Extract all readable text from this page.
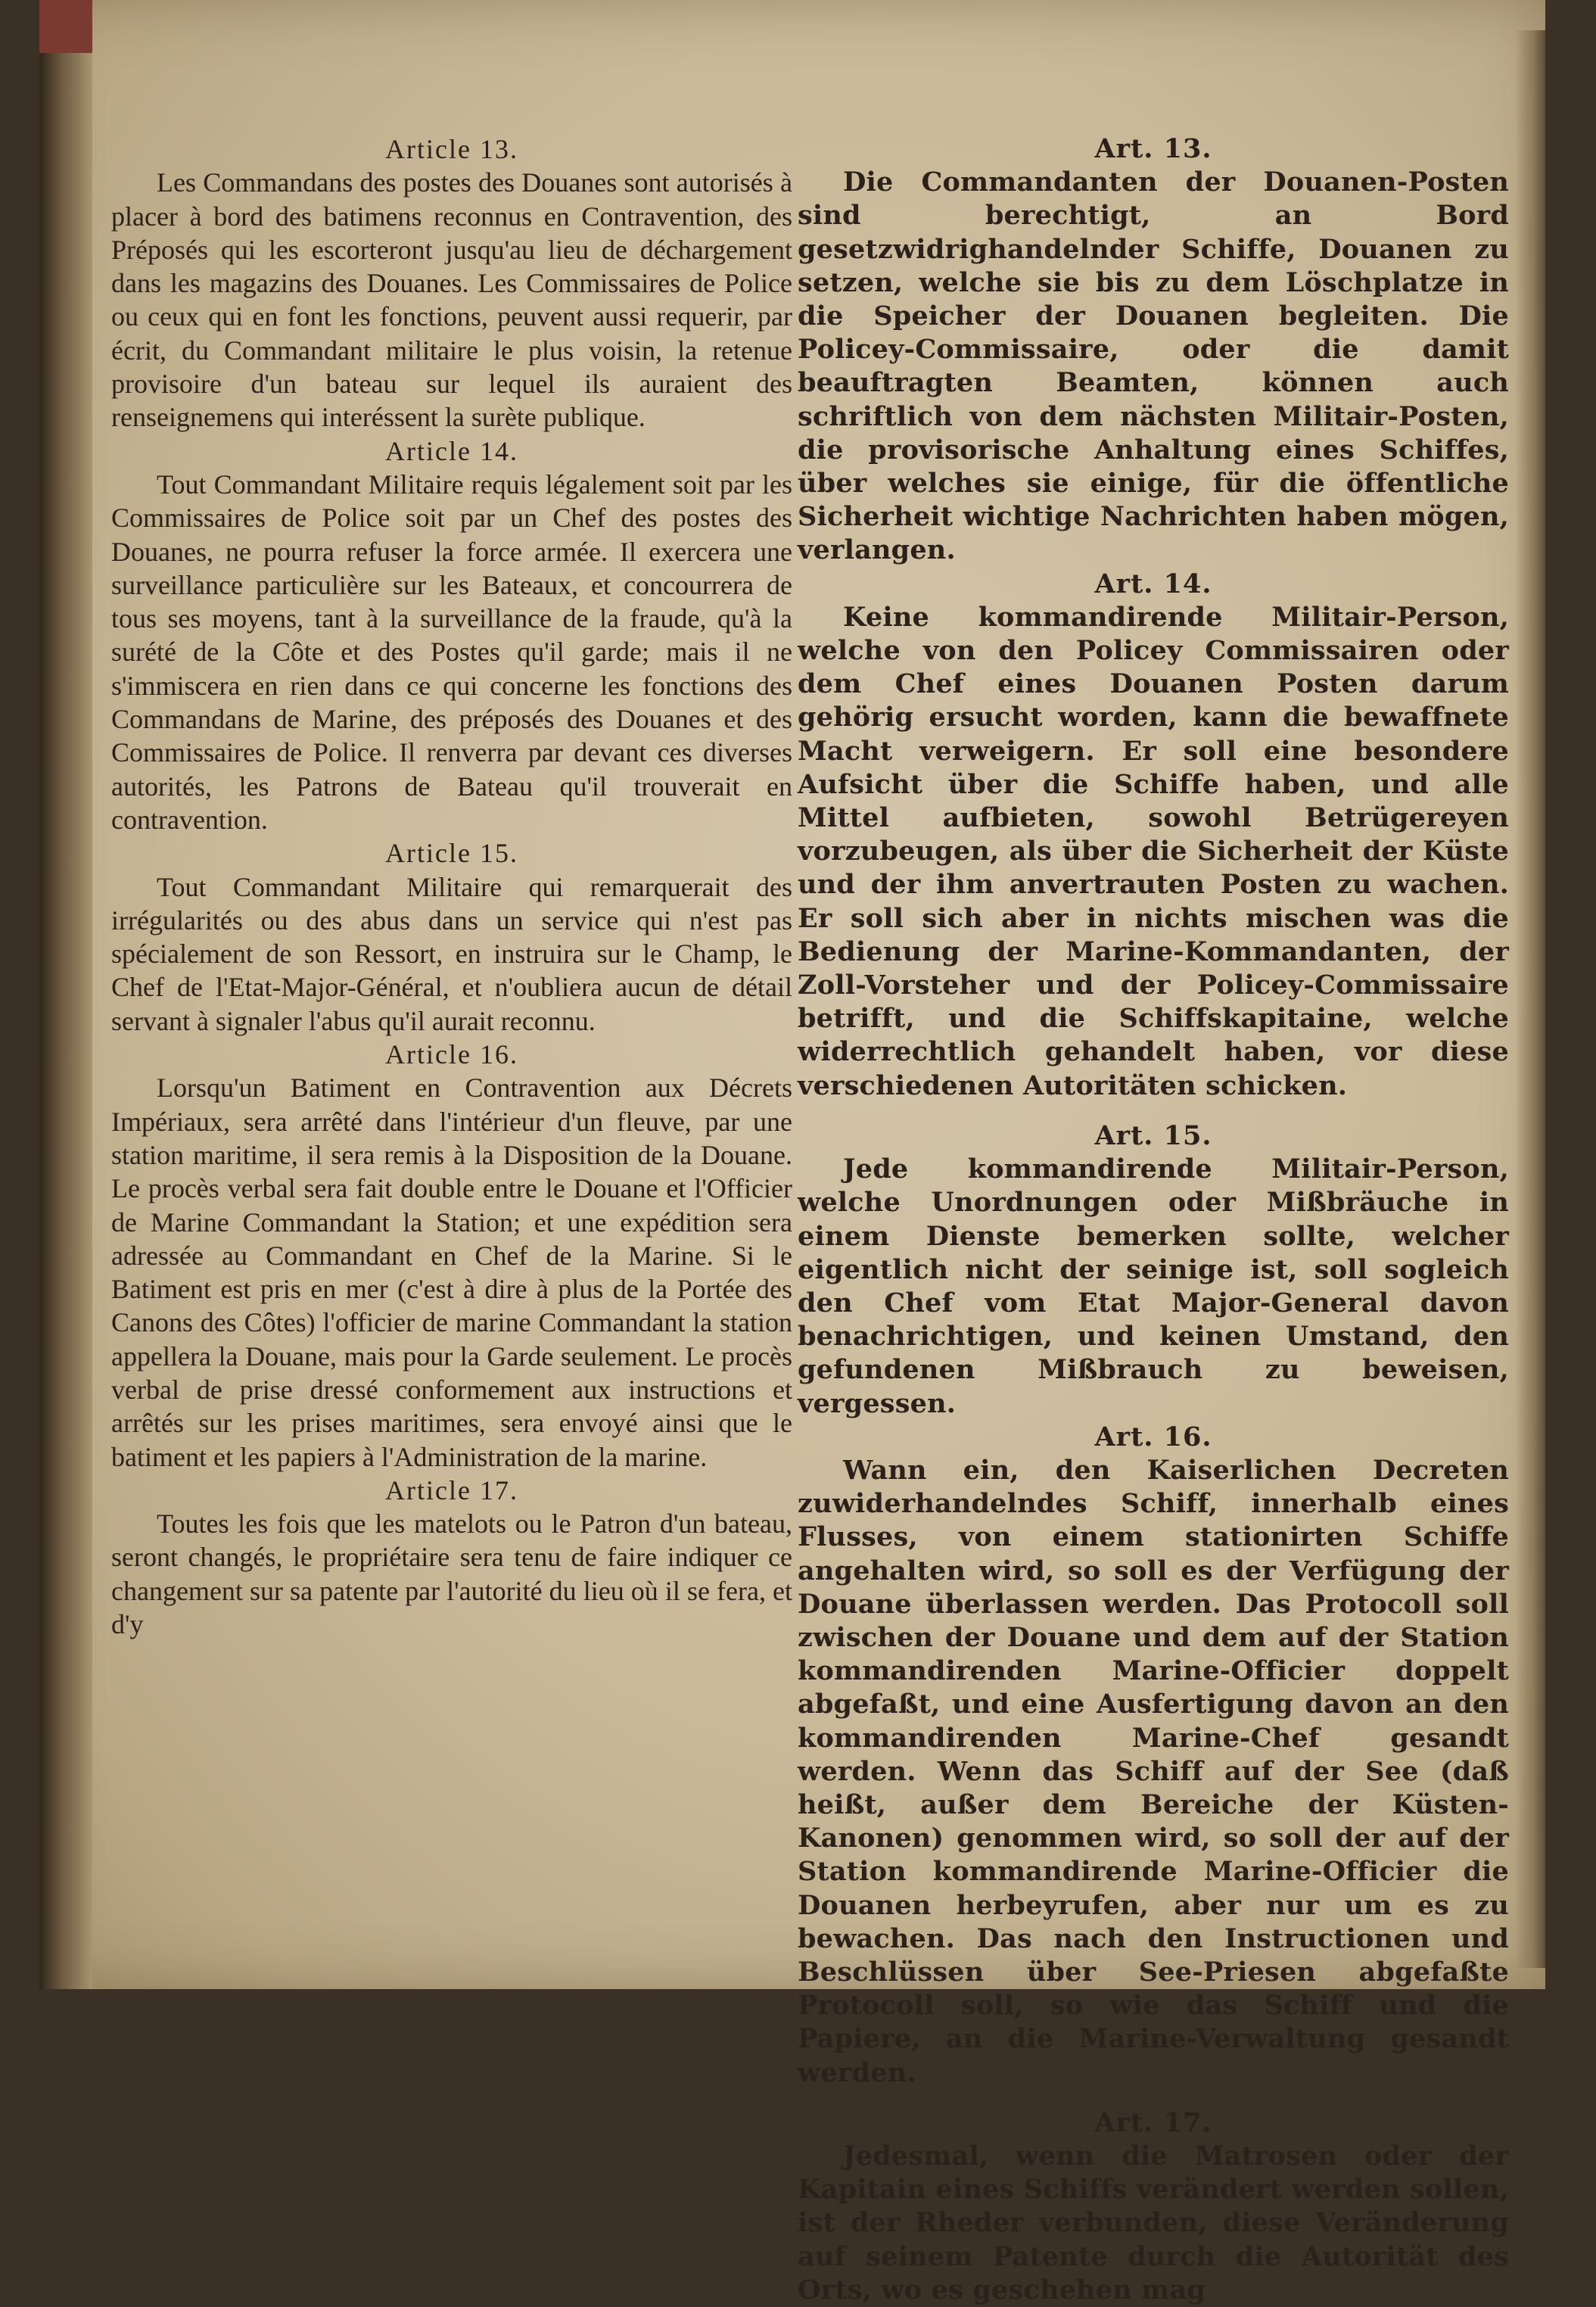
Article 13.

Les Commandans des postes des Douanes sont autorisés à placer à bord des batimens reconnus en Contravention, des Préposés qui les escorteront jusqu'au lieu de déchargement dans les magazins des Douanes. Les Commissaires de Police ou ceux qui en font les fonctions, peuvent aussi requerir, par écrit, du Commandant militaire le plus voisin, la retenue provisoire d'un bateau sur lequel ils auraient des renseignemens qui interéssent la surète publique.

Article 14.

Tout Commandant Militaire requis légalement soit par les Commissaires de Police soit par un Chef des postes des Douanes, ne pourra refuser la force armée. Il exercera une surveillance particulière sur les Bateaux, et concourrera de tous ses moyens, tant à la surveillance de la fraude, qu'à la surété de la Côte et des Postes qu'il garde; mais il ne s'immiscera en rien dans ce qui concerne les fonctions des Commandans de Marine, des préposés des Douanes et des Commissaires de Police. Il renverra par devant ces diverses autorités, les Patrons de Bateau qu'il trouverait en contravention.

Article 15.

Tout Commandant Militaire qui remarquerait des irrégularités ou des abus dans un service qui n'est pas spécialement de son Ressort, en instruira sur le Champ, le Chef de l'Etat-Major-Général, et n'oubliera aucun de détail servant à signaler l'abus qu'il aurait reconnu.

Article 16.

Lorsqu'un Batiment en Contravention aux Décrets Impériaux, sera arrêté dans l'intérieur d'un fleuve, par une station maritime, il sera remis à la Disposition de la Douane. Le procès verbal sera fait double entre le Douane et l'Officier de Marine Commandant la Station; et une expédition sera adressée au Commandant en Chef de la Marine. Si le Batiment est pris en mer (c'est à dire à plus de la Portée des Canons des Côtes) l'officier de marine Commandant la station appellera la Douane, mais pour la Garde seulement. Le procès verbal de prise dressé conformement aux instructions et arrêtés sur les prises maritimes, sera envoyé ainsi que le batiment et les papiers à l'Administration de la marine.

Article 17.

Toutes les fois que les matelots ou le Patron d'un bateau, seront changés, le propriétaire sera tenu de faire indiquer ce changement sur sa patente par l'autorité du lieu où il se fera, et d'y

Art. 13.

Die Commandanten der Douanen-Posten sind berechtigt, an Bord gesetzwidrighandelnder Schiffe, Douanen zu setzen, welche sie bis zu dem Löschplatze in die Speicher der Douanen begleiten. Die Policey-Commissaire, oder die damit beauftragten Beamten, können auch schriftlich von dem nächsten Militair-Posten, die provisorische Anhaltung eines Schiffes, über welches sie einige, für die öffentliche Sicherheit wichtige Nachrichten haben mögen, verlangen.

Art. 14.

Keine kommandirende Militair-Person, welche von den Policey Commissairen oder dem Chef eines Douanen Posten darum gehörig ersucht worden, kann die bewaffnete Macht verweigern. Er soll eine besondere Aufsicht über die Schiffe haben, und alle Mittel aufbieten, sowohl Betrügereyen vorzubeugen, als über die Sicherheit der Küste und der ihm anvertrauten Posten zu wachen. Er soll sich aber in nichts mischen was die Bedienung der Marine-Kommandanten, der Zoll-Vorsteher und der Policey-Commissaire betrifft, und die Schiffskapitaine, welche widerrechtlich gehandelt haben, vor diese verschiedenen Autoritäten schicken.

Art. 15.

Jede kommandirende Militair-Person, welche Unordnungen oder Mißbräuche in einem Dienste bemerken sollte, welcher eigentlich nicht der seinige ist, soll sogleich den Chef vom Etat Major-General davon benachrichtigen, und keinen Umstand, den gefundenen Mißbrauch zu beweisen, vergessen.

Art. 16.

Wann ein, den Kaiserlichen Decreten zuwiderhandelndes Schiff, innerhalb eines Flusses, von einem stationirten Schiffe angehalten wird, so soll es der Verfügung der Douane überlassen werden. Das Protocoll soll zwischen der Douane und dem auf der Station kommandirenden Marine-Officier doppelt abgefaßt, und eine Ausfertigung davon an den kommandirenden Marine-Chef gesandt werden. Wenn das Schiff auf der See (daß heißt, außer dem Bereiche der Küsten-Kanonen) genommen wird, so soll der auf der Station kommandirende Marine-Officier die Douanen herbeyrufen, aber nur um es zu bewachen. Das nach den Instructionen und Beschlüssen über See-Priesen abgefaßte Protocoll soll, so wie das Schiff und die Papiere, an die Marine-Verwaltung gesandt werden.

Art. 17.

Jedesmal, wenn die Matrosen oder der Kapitain eines Schiffs verändert werden sollen, ist der Rheder verbunden, diese Veränderung auf seinem Patente durch die Autorität des Orts, wo es geschehen mag
